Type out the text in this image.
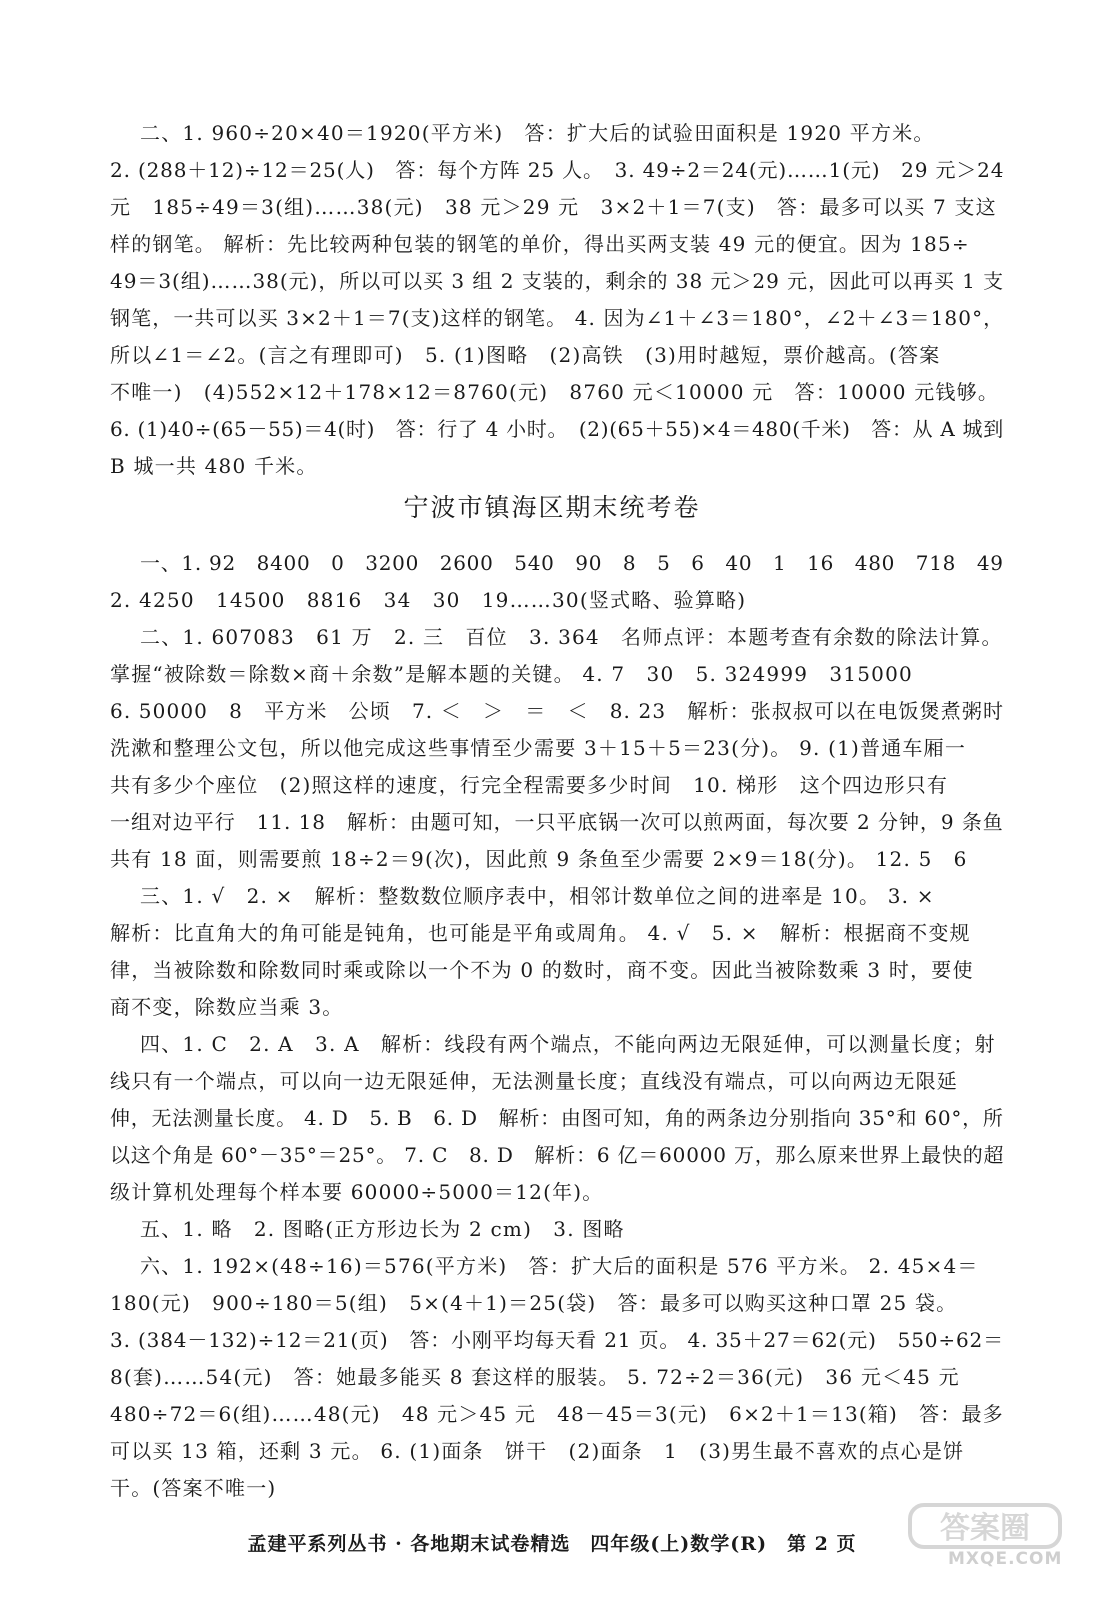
二、1. 960÷20×40＝1920(平方米)　答：扩大后的试验田面积是 1920 平方米。
2. (288＋12)÷12＝25(人)　答：每个方阵 25 人。　3. 49÷2＝24(元)……1(元)　29 元＞24
元　185÷49＝3(组)……38(元)　38 元＞29 元　3×2＋1＝7(支)　答：最多可以买 7 支这
样的钢笔。 解析：先比较两种包装的钢笔的单价，得出买两支装 49 元的便宜。因为 185÷
49＝3(组)……38(元)，所以可以买 3 组 2 支装的，剩余的 38 元＞29 元，因此可以再买 1 支
钢笔，一共可以买 3×2＋1＝7(支)这样的钢笔。 4. 因为∠1＋∠3＝180°，∠2＋∠3＝180°，
所以∠1＝∠2。(言之有理即可)　5. (1)图略　(2)高铁　(3)用时越短，票价越高。(答案
不唯一)　(4)552×12＋178×12＝8760(元)　8760 元＜10000 元　答：10000 元钱够。
6. (1)40÷(65－55)＝4(时)　答：行了 4 小时。　(2)(65＋55)×4＝480(千米)　答：从 A 城到
B 城一共 480 千米。
宁波市镇海区期末统考卷
一、1. 92　8400　0　3200　2600　540　90　8　5　6　40　1　16　480　718　49
2. 4250　14500　8816　34　30　19……30(竖式略、验算略)
二、1. 607083　61 万　2. 三　百位　3. 364　名师点评：本题考查有余数的除法计算。
掌握“被除数＝除数×商＋余数”是解本题的关键。 4. 7　30　5. 324999　315000
6. 50000　8　平方米　公顷　7. ＜　＞　＝　＜　8. 23　解析：张叔叔可以在电饭煲煮粥时
洗漱和整理公文包，所以他完成这些事情至少需要 3＋15＋5＝23(分)。 9. (1)普通车厢一
共有多少个座位　(2)照这样的速度，行完全程需要多少时间　10. 梯形　这个四边形只有
一组对边平行　11. 18　解析：由题可知，一只平底锅一次可以煎两面，每次要 2 分钟，9 条鱼
共有 18 面，则需要煎 18÷2＝9(次)，因此煎 9 条鱼至少需要 2×9＝18(分)。 12. 5　6
三、1. √　2. ×　解析：整数数位顺序表中，相邻计数单位之间的进率是 10。 3. ×
解析：比直角大的角可能是钝角，也可能是平角或周角。 4. √　5. ×　解析：根据商不变规
律，当被除数和除数同时乘或除以一个不为 0 的数时，商不变。因此当被除数乘 3 时，要使
商不变，除数应当乘 3。
四、1. C　2. A　3. A　解析：线段有两个端点，不能向两边无限延伸，可以测量长度；射
线只有一个端点，可以向一边无限延伸，无法测量长度；直线没有端点，可以向两边无限延
伸，无法测量长度。 4. D　5. B　6. D　解析：由图可知，角的两条边分别指向 35°和 60°，所
以这个角是 60°－35°＝25°。 7. C　8. D　解析：6 亿＝60000 万，那么原来世界上最快的超
级计算机处理每个样本要 60000÷5000＝12(年)。
五、1. 略　2. 图略(正方形边长为 2 cm)　3. 图略
六、1. 192×(48÷16)＝576(平方米)　答：扩大后的面积是 576 平方米。 2. 45×4＝
180(元)　900÷180＝5(组)　5×(4＋1)＝25(袋)　答：最多可以购买这种口罩 25 袋。
3. (384－132)÷12＝21(页)　答：小刚平均每天看 21 页。 4. 35＋27＝62(元)　550÷62＝
8(套)……54(元)　答：她最多能买 8 套这样的服装。 5. 72÷2＝36(元)　36 元＜45 元
480÷72＝6(组)……48(元)　48 元＞45 元　48－45＝3(元)　6×2＋1＝13(箱)　答：最多
可以买 13 箱，还剩 3 元。 6. (1)面条　饼干　(2)面条　1　(3)男生最不喜欢的点心是饼
干。(答案不唯一)
孟建平系列丛书 · 各地期末试卷精选　四年级(上)数学(R)　第 2 页	答案圈
MXQE.COM
